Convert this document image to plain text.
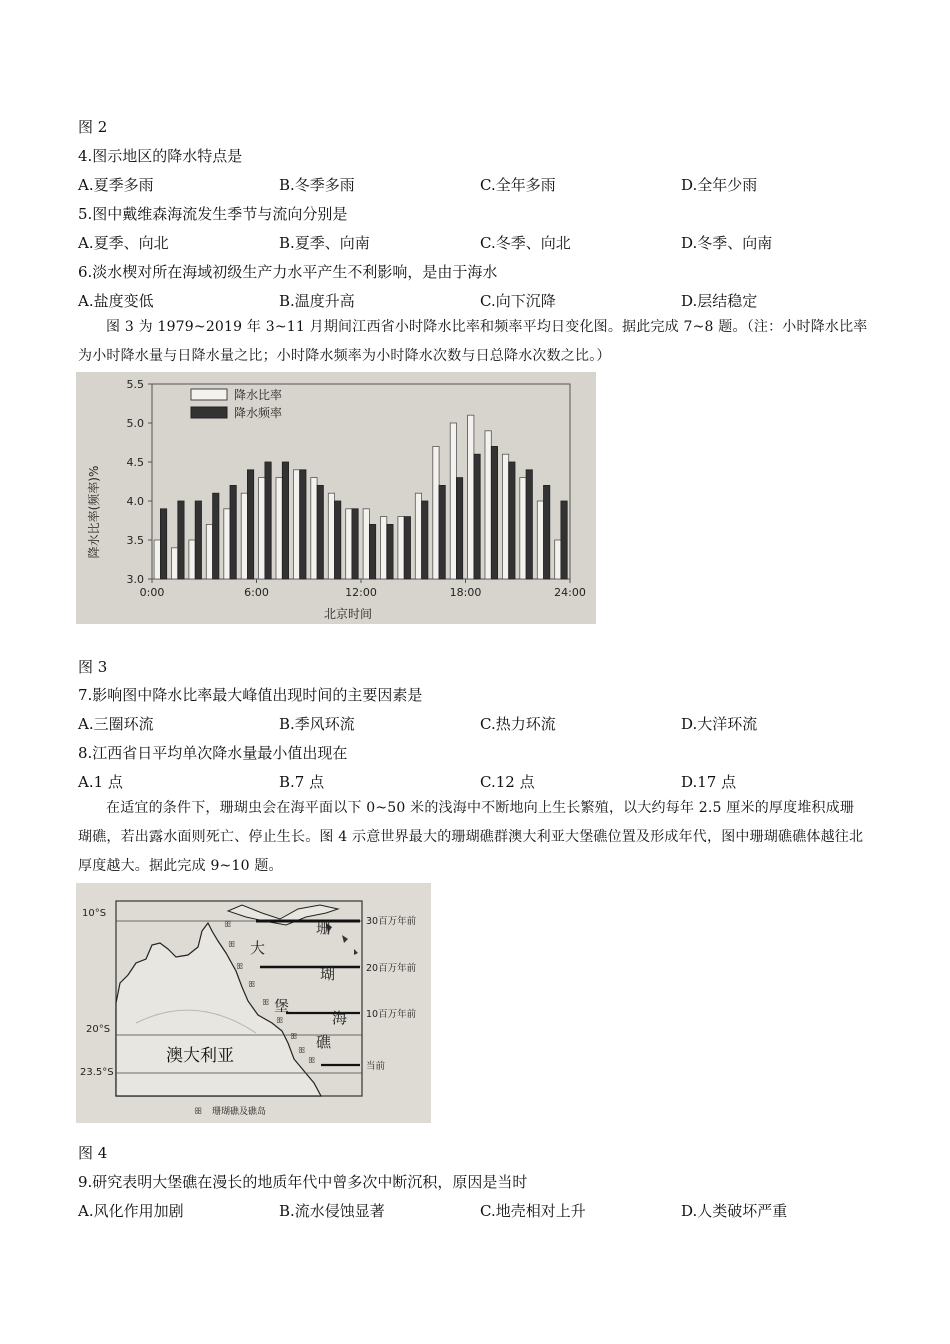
图 2
4.图示地区的降水特点是
A.夏季多雨	B.冬季多雨	C.全年多雨	D.全年少雨
5.图中戴维森海流发生季节与流向分别是
A.夏季、向北	B.夏季、向南	C.冬季、向北	D.冬季、向南
6.淡水楔对所在海域初级生产力水平产生不利影响，是由于海水
A.盐度变低	B.温度升高	C.向下沉降	D.层结稳定
图 3 为 1979~2019 年 3~11 月期间江西省小时降水比率和频率平均日变化图。据此完成 7~8 题。（注：小时降水比率为小时降水量与日降水量之比；小时降水频率为小时降水次数与日总降水次数之比。）
3.0
3.5
4.0
4.5
5.0
5.5
0:00	6:00	12:00	18:00	24:00
降水比率
降水频率
北京时间
降水比率(频率)%
图 3
7.影响图中降水比率最大峰值出现时间的主要因素是
A.三圈环流	B.季风环流	C.热力环流	D.大洋环流
8.江西省日平均单次降水量最小值出现在
A.1 点	B.7 点	C.12 点	D.17 点
在适宜的条件下，珊瑚虫会在海平面以下 0~50 米的浅海中不断地向上生长繁殖，以大约每年 2.5 厘米的厚度堆积成珊瑚礁，若出露水面则死亡、停止生长。图 4 示意世界最大的珊瑚礁群澳大利亚大堡礁位置及形成年代，图中珊瑚礁礁体越往北厚度越大。据此完成 9~10 题。
10°S
20°S
23.5°S
30百万年前
20百万年前
10百万年前
当前
ꕥ
ꕥ
ꕥ
ꕥ
ꕥ
ꕥ
ꕥ
ꕥ
ꕥ
大
堡
珊
瑚
海
礁
澳大利亚
ꕥ 珊瑚礁及礁岛
图 4
9.研究表明大堡礁在漫长的地质年代中曾多次中断沉积，原因是当时
A.风化作用加剧	B.流水侵蚀显著	C.地壳相对上升	D.人类破坏严重
